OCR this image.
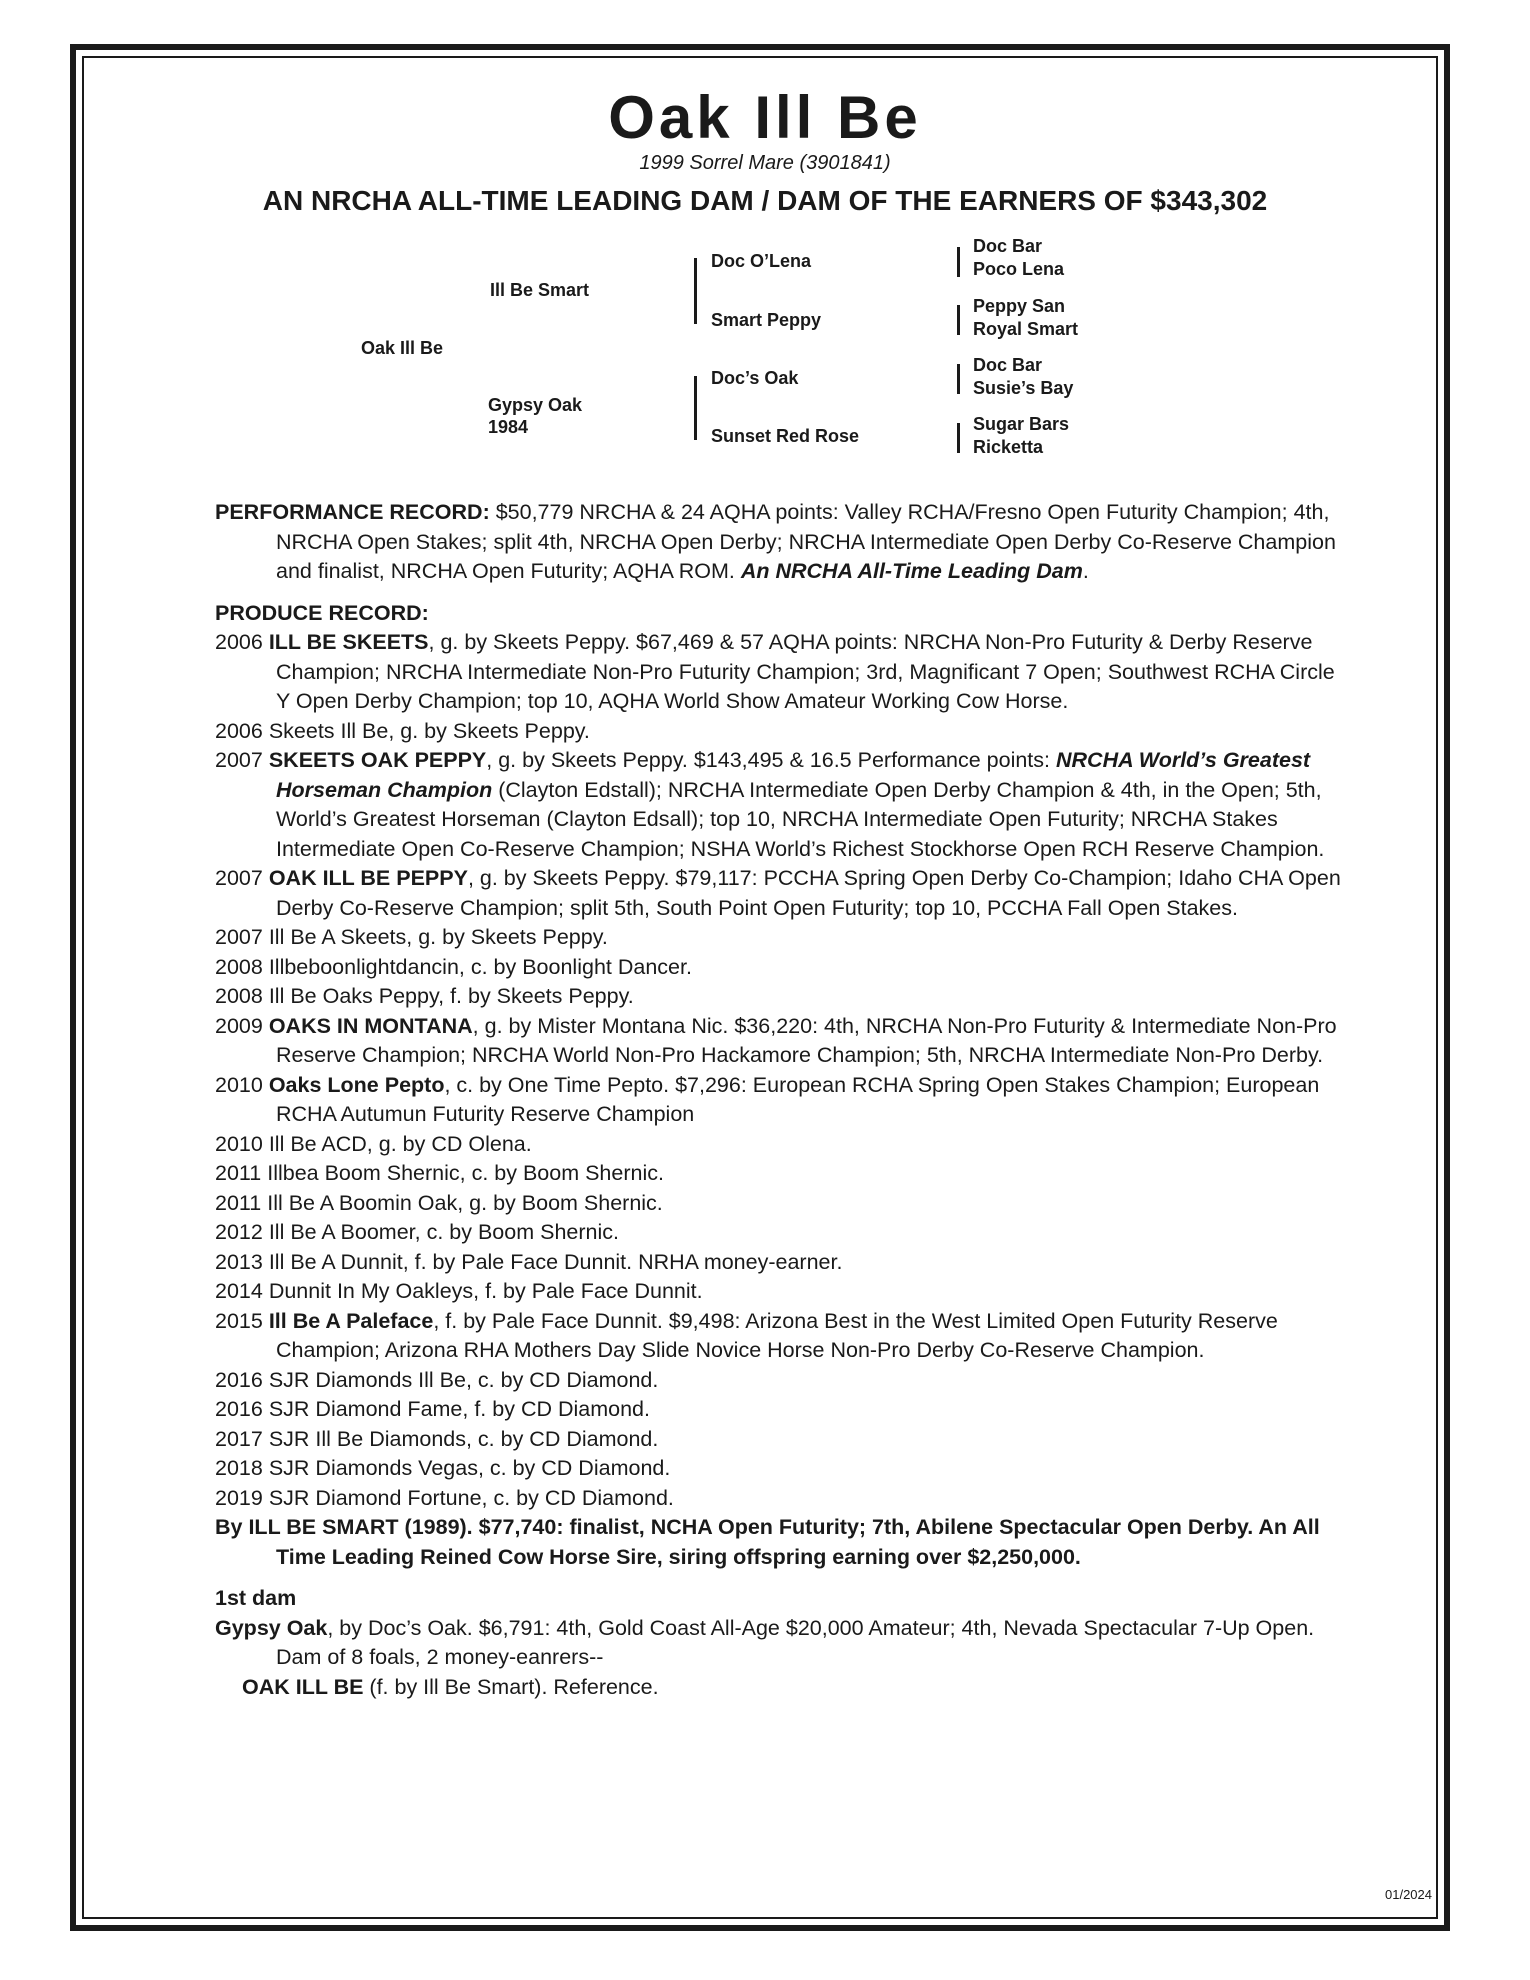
Oak Ill Be
1999 Sorrel Mare (3901841)
AN NRCHA ALL-TIME LEADING DAM / DAM OF THE EARNERS OF $343,302
Oak Ill Be
Ill Be Smart
Gypsy Oak
1984
Doc O’Lena
Smart Peppy
Doc’s Oak
Sunset Red Rose
Doc Bar
Poco Lena
Peppy San
Royal Smart
Doc Bar
Susie’s Bay
Sugar Bars
Ricketta

PERFORMANCE RECORD: $50,779 NRCHA & 24 AQHA points: Valley RCHA/Fresno Open Futurity Champion; 4th, NRCHA Open Stakes; split 4th, NRCHA Open Derby; NRCHA Intermediate Open Derby Co-Reserve Champion and finalist, NRCHA Open Futurity; AQHA ROM. An NRCHA All-Time Leading Dam.

PRODUCE RECORD:

2006 ILL BE SKEETS, g. by Skeets Peppy. $67,469 & 57 AQHA points: NRCHA Non-Pro Futurity & Derby Reserve Champion; NRCHA Intermediate Non-Pro Futurity Champion; 3rd, Magnificant 7 Open; Southwest RCHA Circle Y Open Derby Champion; top 10, AQHA World Show Amateur Working Cow Horse.

2006 Skeets Ill Be, g. by Skeets Peppy.

2007 SKEETS OAK PEPPY, g. by Skeets Peppy. $143,495 & 16.5 Performance points: NRCHA World’s Greatest Horseman Champion (Clayton Edstall); NRCHA Intermediate Open Derby Champion & 4th, in the Open; 5th, World’s Greatest Horseman (Clayton Edsall); top 10, NRCHA Intermediate Open Futurity; NRCHA Stakes Intermediate Open Co-Reserve Champion; NSHA World’s Richest Stockhorse Open RCH Reserve Champion.

2007 OAK ILL BE PEPPY, g. by Skeets Peppy. $79,117: PCCHA Spring Open Derby Co-Champion; Idaho CHA Open Derby Co-Reserve Champion; split 5th, South Point Open Futurity; top 10, PCCHA Fall Open Stakes.

2007 Ill Be A Skeets, g. by Skeets Peppy.

2008 Illbeboonlightdancin, c. by Boonlight Dancer.

2008 Ill Be Oaks Peppy, f. by Skeets Peppy.

2009 OAKS IN MONTANA, g. by Mister Montana Nic. $36,220: 4th, NRCHA Non-Pro Futurity & Intermediate Non-Pro Reserve Champion; NRCHA World Non-Pro Hackamore Champion; 5th, NRCHA Intermediate Non-Pro Derby.

2010 Oaks Lone Pepto, c. by One Time Pepto. $7,296: European RCHA Spring Open Stakes Champion; European RCHA Autumun Futurity Reserve Champion

2010 Ill Be ACD, g. by CD Olena.

2011 Illbea Boom Shernic, c. by Boom Shernic.

2011 Ill Be A Boomin Oak, g. by Boom Shernic.

2012 Ill Be A Boomer, c. by Boom Shernic.

2013 Ill Be A Dunnit, f. by Pale Face Dunnit. NRHA money-earner.

2014 Dunnit In My Oakleys, f. by Pale Face Dunnit.

2015 Ill Be A Paleface, f. by Pale Face Dunnit. $9,498: Arizona Best in the West Limited Open Futurity Reserve Champion; Arizona RHA Mothers Day Slide Novice Horse Non-Pro Derby Co-Reserve Champion.

2016 SJR Diamonds Ill Be, c. by CD Diamond.

2016 SJR Diamond Fame, f. by CD Diamond.

2017 SJR Ill Be Diamonds, c. by CD Diamond.

2018 SJR Diamonds Vegas, c. by CD Diamond.

2019 SJR Diamond Fortune, c. by CD Diamond.

By ILL BE SMART (1989). $77,740: finalist, NCHA Open Futurity; 7th, Abilene Spectacular Open Derby. An All Time Leading Reined Cow Horse Sire, siring offspring earning over $2,250,000.

1st dam

Gypsy Oak, by Doc’s Oak. $6,791: 4th, Gold Coast All-Age $20,000 Amateur; 4th, Nevada Spectacular 7-Up Open. Dam of 8 foals, 2 money-eanrers--

OAK ILL BE (f. by Ill Be Smart). Reference.

01/2024
